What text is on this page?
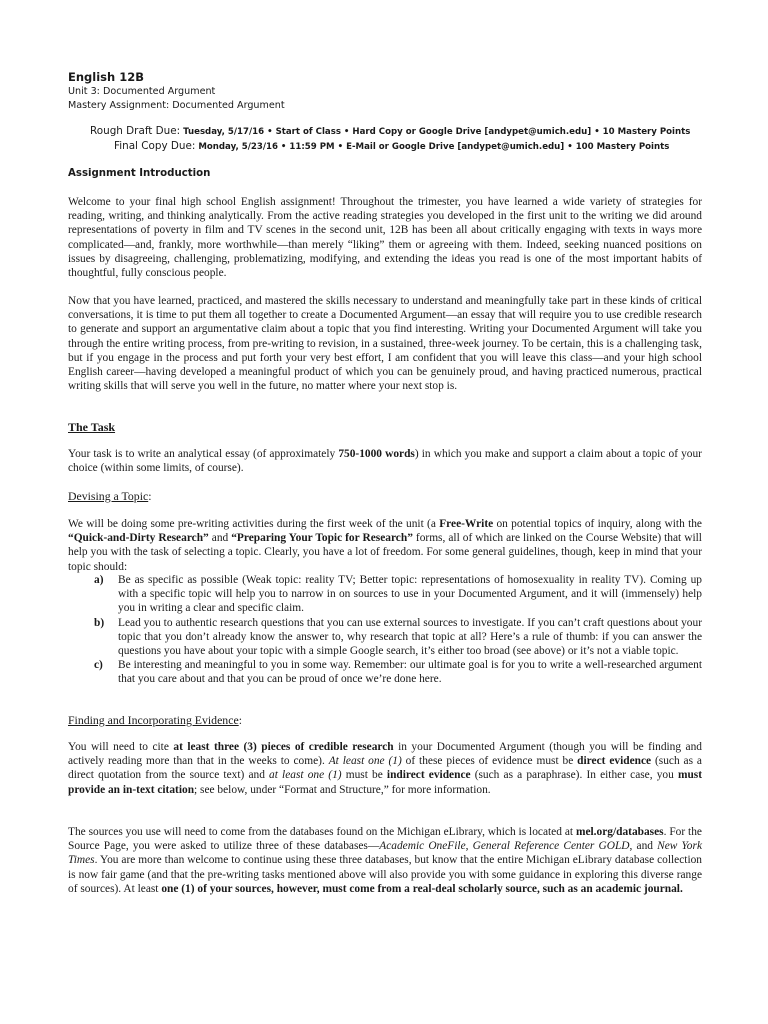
English 12B
Unit 3: Documented Argument
Mastery Assignment: Documented Argument
Rough Draft Due: Tuesday, 5/17/16 • Start of Class • Hard Copy or Google Drive [andypet@umich.edu] • 10 Mastery Points
Final Copy Due: Monday, 5/23/16 • 11:59 PM • E-Mail or Google Drive [andypet@umich.edu] • 100 Mastery Points
Assignment Introduction
Welcome to your final high school English assignment! Throughout the trimester, you have learned a wide variety of strategies for reading, writing, and thinking analytically. From the active reading strategies you developed in the first unit to the writing we did around representations of poverty in film and TV scenes in the second unit, 12B has been all about critically engaging with texts in ways more complicated—and, frankly, more worthwhile—than merely “liking” them or agreeing with them. Indeed, seeking nuanced positions on issues by disagreeing, challenging, problematizing, modifying, and extending the ideas you read is one of the most important habits of thoughtful, fully conscious people.
Now that you have learned, practiced, and mastered the skills necessary to understand and meaningfully take part in these kinds of critical conversations, it is time to put them all together to create a Documented Argument—an essay that will require you to use credible research to generate and support an argumentative claim about a topic that you find interesting. Writing your Documented Argument will take you through the entire writing process, from pre-writing to revision, in a sustained, three-week journey. To be certain, this is a challenging task, but if you engage in the process and put forth your very best effort, I am confident that you will leave this class—and your high school English career—having developed a meaningful product of which you can be genuinely proud, and having practiced numerous, practical writing skills that will serve you well in the future, no matter where your next stop is.
The Task
Your task is to write an analytical essay (of approximately 750-1000 words) in which you make and support a claim about a topic of your choice (within some limits, of course).
Devising a Topic:
We will be doing some pre-writing activities during the first week of the unit (a Free-Write on potential topics of inquiry, along with the “Quick-and-Dirty Research” and “Preparing Your Topic for Research” forms, all of which are linked on the Course Website) that will help you with the task of selecting a topic. Clearly, you have a lot of freedom. For some general guidelines, though, keep in mind that your topic should:
a)	Be as specific as possible (Weak topic: reality TV; Better topic: representations of homosexuality in reality TV). Coming up with a specific topic will help you to narrow in on sources to use in your Documented Argument, and it will (immensely) help you in writing a clear and specific claim.
b)	Lead you to authentic research questions that you can use external sources to investigate. If you can’t craft questions about your topic that you don’t already know the answer to, why research that topic at all? Here’s a rule of thumb: if you can answer the questions you have about your topic with a simple Google search, it’s either too broad (see above) or it’s not a viable topic.
c)	Be interesting and meaningful to you in some way. Remember: our ultimate goal is for you to write a well-researched argument that you care about and that you can be proud of once we’re done here.
Finding and Incorporating Evidence:
You will need to cite at least three (3) pieces of credible research in your Documented Argument (though you will be finding and actively reading more than that in the weeks to come). At least one (1) of these pieces of evidence must be direct evidence (such as a direct quotation from the source text) and at least one (1) must be indirect evidence (such as a paraphrase). In either case, you must provide an in-text citation; see below, under “Format and Structure,” for more information.
The sources you use will need to come from the databases found on the Michigan eLibrary, which is located at mel.org/databases. For the Source Page, you were asked to utilize three of these databases—Academic OneFile, General Reference Center GOLD, and New York Times. You are more than welcome to continue using these three databases, but know that the entire Michigan eLibrary database collection is now fair game (and that the pre-writing tasks mentioned above will also provide you with some guidance in exploring this diverse range of sources). At least one (1) of your sources, however, must come from a real-deal scholarly source, such as an academic journal.
